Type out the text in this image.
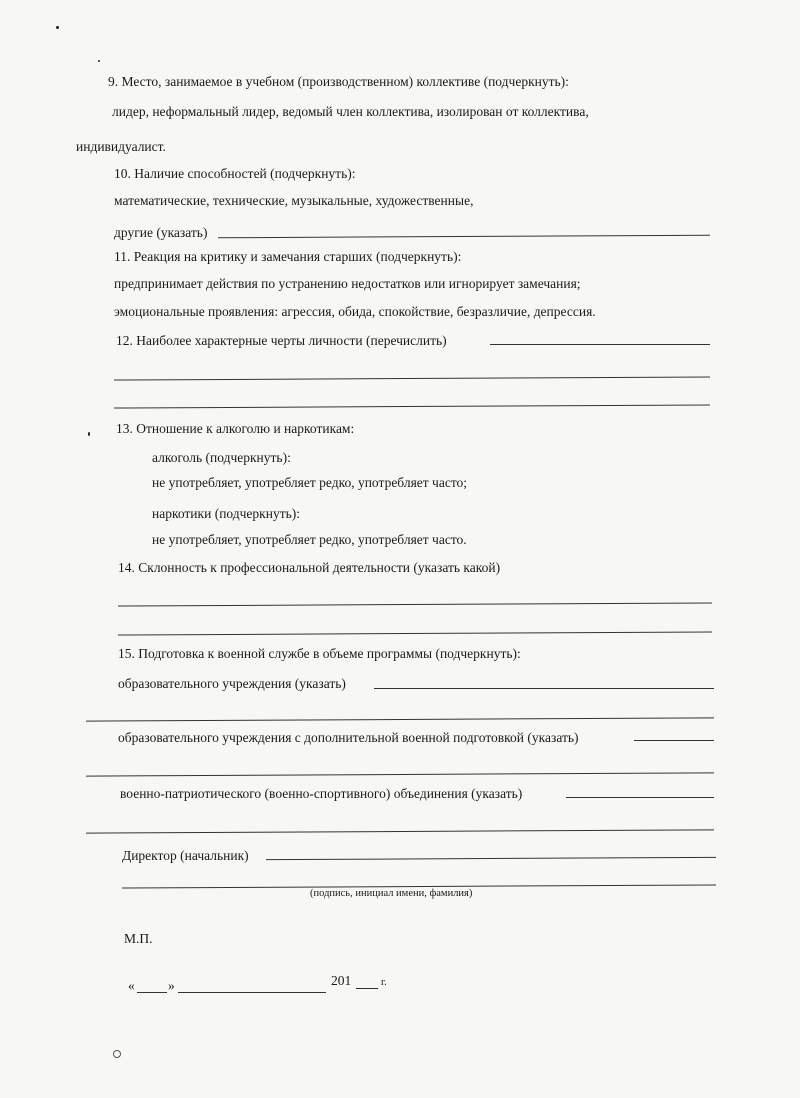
9. Место, занимаемое в учебном (производственном) коллективе (подчеркнуть):
лидер, неформальный лидер, ведомый член коллектива, изолирован от коллектива,
индивидуалист.
10. Наличие способностей (подчеркнуть):
математические, технические, музыкальные, художественные,
другие (указать)
11. Реакция на критику и замечания старших (подчеркнуть):
предпринимает действия по устранению недостатков или игнорирует замечания;
эмоциональные проявления: агрессия, обида, спокойствие, безразличие, депрессия.
12. Наиболее характерные черты личности (перечислить)
13. Отношение к алкоголю и наркотикам:
алкоголь (подчеркнуть):
не употребляет, употребляет редко, употребляет часто;
наркотики (подчеркнуть):
не употребляет, употребляет редко, употребляет часто.
14. Склонность к профессиональной деятельности (указать какой)
15. Подготовка к военной службе в объеме программы (подчеркнуть):
образовательного учреждения (указать)
образовательного учреждения с дополнительной военной подготовкой (указать)
военно-патриотического (военно-спортивного) объединения (указать)
Директор (начальник)
(подпись, инициал имени, фамилия)
М.П.
« »	201	г.
